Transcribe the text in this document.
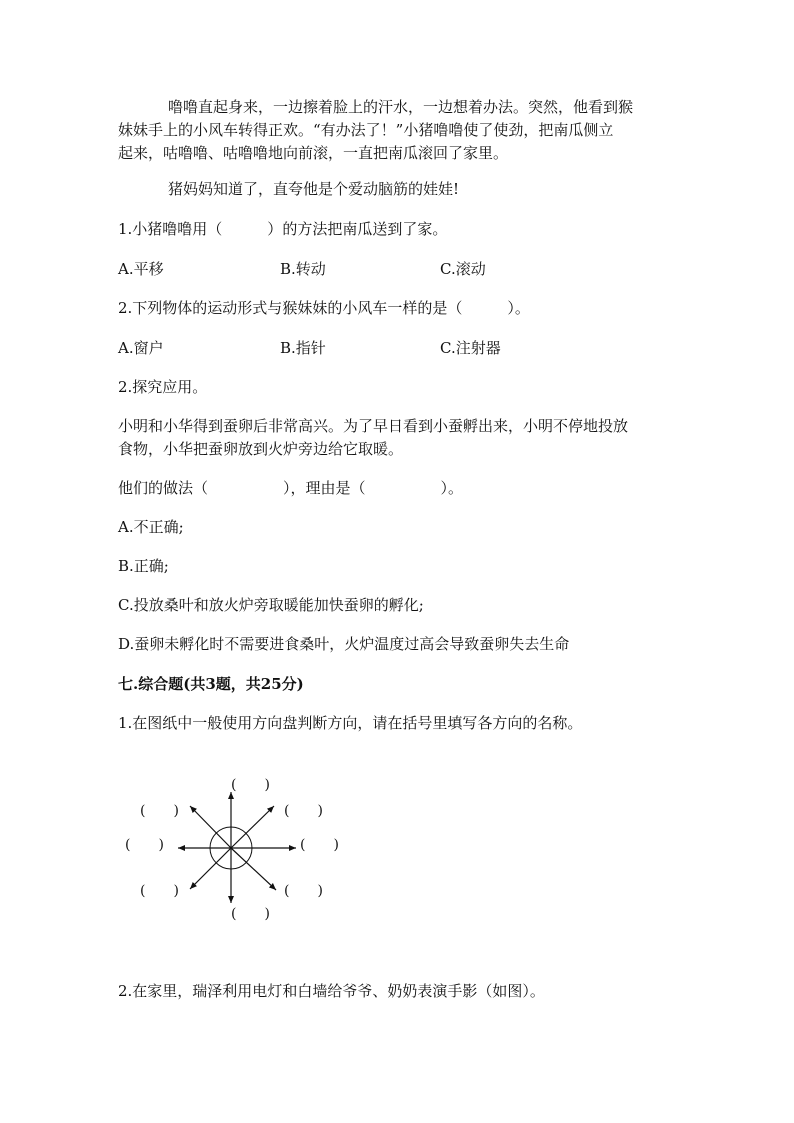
噜噜直起身来，一边擦着脸上的汗水，一边想着办法。突然，他看到猴
妹妹手上的小风车转得正欢。“有办法了！”小猪噜噜使了使劲，把南瓜侧立
起来，咕噜噜、咕噜噜地向前滚，一直把南瓜滚回了家里。
猪妈妈知道了，直夸他是个爱动脑筋的娃娃!
1.小猪噜噜用（　　　）的方法把南瓜送到了家。
A.平移	B.转动	C.滚动
2.下列物体的运动形式与猴妹妹的小风车一样的是（　　　）。
A.窗户	B.指针	C.注射器
2.探究应用。
小明和小华得到蚕卵后非常高兴。为了早日看到小蚕孵出来，小明不停地投放
食物，小华把蚕卵放到火炉旁边给它取暖。
他们的做法（　　　　　），理由是（　　　　　）。
A.不正确;
B.正确;
C.投放桑叶和放火炉旁取暖能加快蚕卵的孵化;
D.蚕卵未孵化时不需要进食桑叶，火炉温度过高会导致蚕卵失去生命
七.综合题(共3题，共25分)
1.在图纸中一般使用方向盘判断方向，请在括号里填写各方向的名称。
(　　)
(　　)	(　　)
(　　)	(　　)
(　　)	(　　)
(　　)
2.在家里，瑞泽利用电灯和白墙给爷爷、奶奶表演手影（如图）。
